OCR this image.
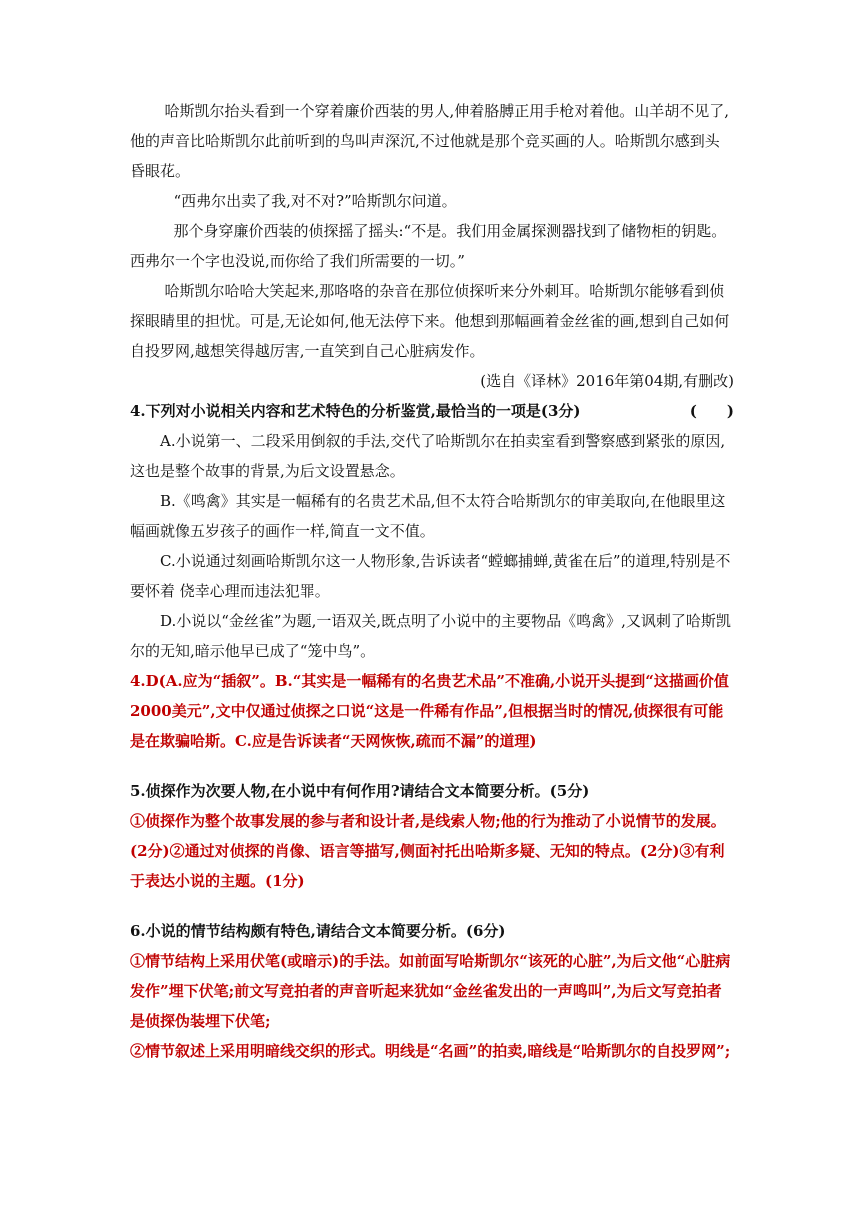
哈斯凯尔抬头看到一个穿着廉价西装的男人,伸着胳膊正用手枪对着他。山羊胡不见了,他的声音比哈斯凯尔此前听到的鸟叫声深沉,不过他就是那个竞买画的人。哈斯凯尔感到头昏眼花。

“西弗尔出卖了我,对不对?”哈斯凯尔问道。

那个身穿廉价西装的侦探摇了摇头:“不是。我们用金属探测器找到了储物柜的钥匙。西弗尔一个字也没说,而你给了我们所需要的一切。”

哈斯凯尔哈哈大笑起来,那咯咯的杂音在那位侦探听来分外刺耳。哈斯凯尔能够看到侦探眼睛里的担忧。可是,无论如何,他无法停下来。他想到那幅画着金丝雀的画,想到自己如何自投罗网,越想笑得越厉害,一直笑到自己心脏病发作。

(选自《译林》2016年第04期,有删改)

(　　)
4.下列对小说相关内容和艺术特色的分析鉴赏,最恰当的一项是(3分)

A.小说第一、二段采用倒叙的手法,交代了哈斯凯尔在拍卖室看到警察感到紧张的原因,这也是整个故事的背景,为后文设置悬念。

B.《鸣禽》其实是一幅稀有的名贵艺术品,但不太符合哈斯凯尔的审美取向,在他眼里这幅画就像五岁孩子的画作一样,简直一文不值。

C.小说通过刻画哈斯凯尔这一人物形象,告诉读者“螳螂捕蝉,黄雀在后”的道理,特别是不要怀着 侥幸心理而违法犯罪。

D.小说以“金丝雀”为题,一语双关,既点明了小说中的主要物品《鸣禽》,又讽刺了哈斯凯尔的无知,暗示他早已成了“笼中鸟”。

4.D(A.应为“插叙”。B.“其实是一幅稀有的名贵艺术品”不准确,小说开头提到“这描画价值2000美元”,文中仅通过侦探之口说“这是一件稀有作品”,但根据当时的情况,侦探很有可能是在欺骗哈斯。C.应是告诉读者“天网恢恢,疏而不漏”的道理)

5.侦探作为次要人物,在小说中有何作用?请结合文本简要分析。(5分)

①侦探作为整个故事发展的参与者和设计者,是线索人物;他的行为推动了小说情节的发展。(2分)②通过对侦探的肖像、语言等描写,侧面衬托出哈斯多疑、无知的特点。(2分)③有利于表达小说的主题。(1分)

6.小说的情节结构颇有特色,请结合文本简要分析。(6分)

①情节结构上采用伏笔(或暗示)的手法。如前面写哈斯凯尔“该死的心脏”,为后文他“心脏病发作”埋下伏笔;前文写竞拍者的声音听起来犹如“金丝雀发出的一声鸣叫”,为后文写竞拍者是侦探伪装埋下伏笔;

②情节叙述上采用明暗线交织的形式。明线是“名画”的拍卖,暗线是“哈斯凯尔的自投罗网”;
